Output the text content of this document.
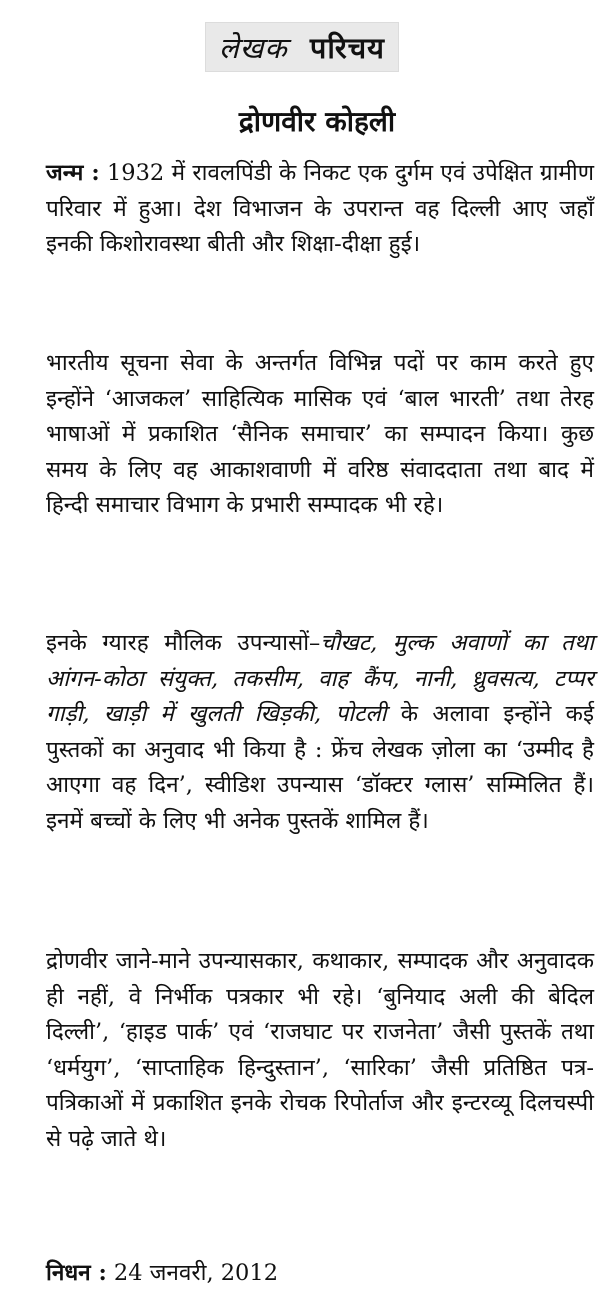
लेखक परिचय
द्रोणवीर कोहली

जन्म : 1932 में रावलपिंडी के निकट एक दुर्गम एवं उपेक्षित ग्रामीण परिवार में हुआ। देश विभाजन के उपरान्त वह दिल्ली आए जहाँ इनकी किशोरावस्था बीती और शिक्षा-दीक्षा हुई।

भारतीय सूचना सेवा के अन्तर्गत विभिन्न पदों पर काम करते हुए इन्होंने ‘आजकल’ साहित्यिक मासिक एवं ‘बाल भारती’ तथा तेरह भाषाओं में प्रकाशित ‘सैनिक समाचार’ का सम्पादन किया। कुछ समय के लिए वह आकाशवाणी में वरिष्ठ संवाददाता तथा बाद में हिन्दी समाचार विभाग के प्रभारी सम्पादक भी रहे।

इनके ग्यारह मौलिक उपन्यासों–चौखट, मुल्क अवाणों का तथा आंगन-कोठा संयुक्त, तकसीम, वाह कैंप, नानी, ध्रुवसत्य, टप्पर गाड़ी, खाड़ी में खुलती खिड़की, पोटली के अलावा इन्होंने कई पुस्तकों का अनुवाद भी किया है : फ्रेंच लेखक ज़ोला का ‘उम्मीद है आएगा वह दिन’, स्वीडिश उपन्यास ‘डॉक्टर ग्लास’ सम्मिलित हैं। इनमें बच्चों के लिए भी अनेक पुस्तकें शामिल हैं।

द्रोणवीर जाने-माने उपन्यासकार, कथाकार, सम्पादक और अनुवादक ही नहीं, वे निर्भीक पत्रकार भी रहे। ‘बुनियाद अली की बेदिल दिल्ली’, ‘हाइड पार्क’ एवं ‘राजघाट पर राजनेता’ जैसी पुस्तकें तथा ‘धर्मयुग’, ‘साप्ताहिक हिन्दुस्तान’, ‘सारिका’ जैसी प्रतिष्ठित पत्र-पत्रिकाओं में प्रकाशित इनके रोचक रिपोर्ताज और इन्टरव्यू दिलचस्पी से पढ़े जाते थे।

निधन : 24 जनवरी, 2012
